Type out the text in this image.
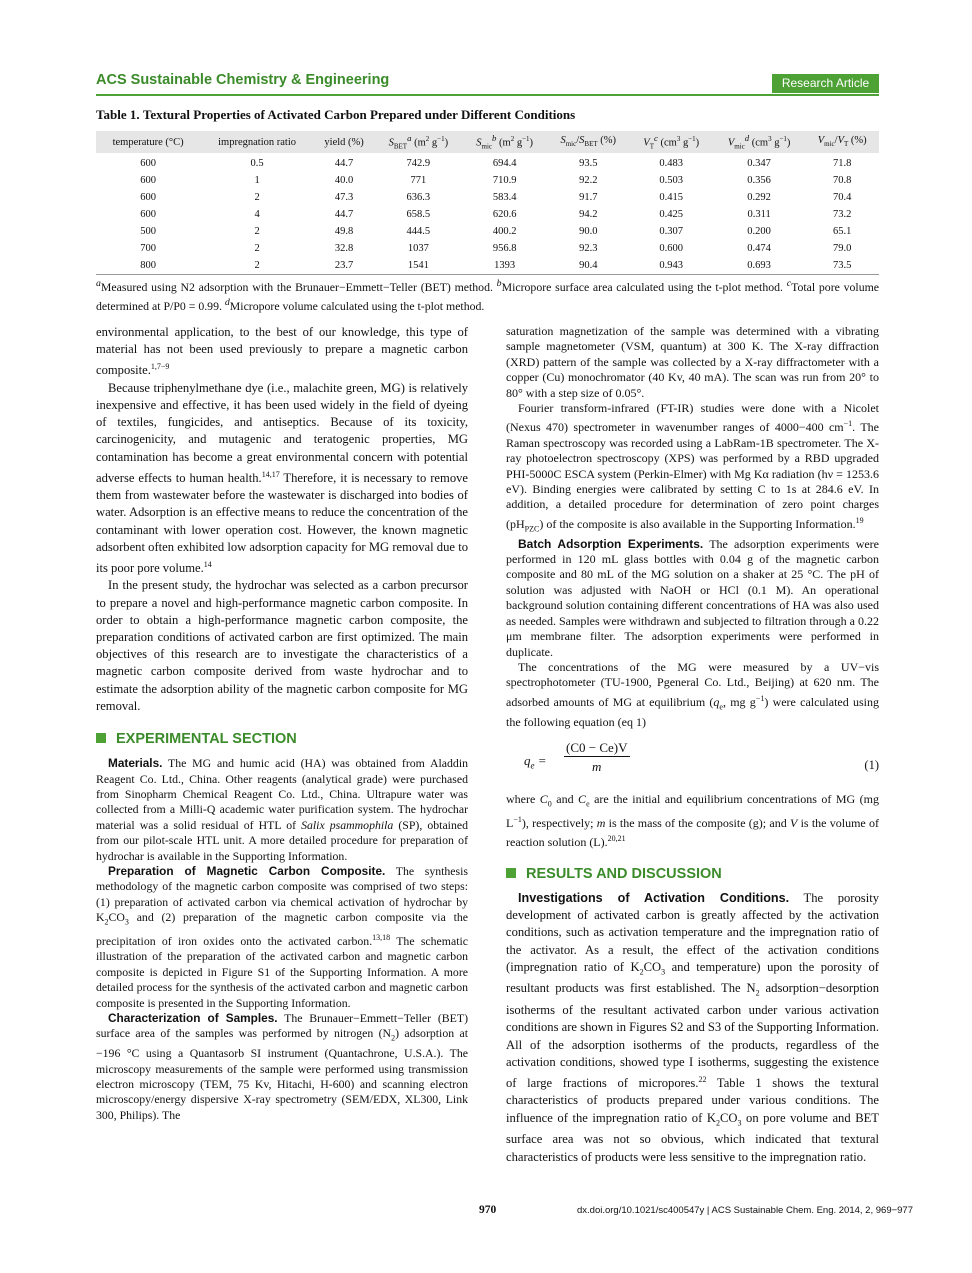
ACS Sustainable Chemistry & Engineering	Research Article
Table 1. Textural Properties of Activated Carbon Prepared under Different Conditions
temperature (°C)	impregnation ratio	yield (%)	$S_{BET}^a$ ($m^2$ $g^{-1}$)	$S_{mic}^b$ ($m^2$ $g^{-1}$)	$S_{mic}/S_{BET}$ (%)	$V_T^c$ ($cm^3$ $g^{-1}$)	$V_{mic}^d$ ($cm^3$ $g^{-1}$)	$V_{mic}/V_T$ (%)
600	0.5	44.7	742.9	694.4	93.5	0.483	0.347	71.8
600	1	40.0	771	710.9	92.2	0.503	0.356	70.8
600	2	47.3	636.3	583.4	91.7	0.415	0.292	70.4
600	4	44.7	658.5	620.6	94.2	0.425	0.311	73.2
500	2	49.8	444.5	400.2	90.0	0.307	0.200	65.1
700	2	32.8	1037	956.8	92.3	0.600	0.474	79.0
800	2	23.7	1541	1393	90.4	0.943	0.693	73.5
$^a$Measured using N2 adsorption with the Brunauer−Emmett−Teller (BET) method. $^b$Micropore surface area calculated using the t-plot method. $^c$Total pore volume determined at P/P0 = 0.99. $^d$Micropore volume calculated using the t-plot method.

environmental application, to the best of our knowledge, this type of material has not been used previously to prepare a magnetic carbon composite.$^{1,7-9}$

Because triphenylmethane dye (i.e., malachite green, MG) is relatively inexpensive and effective, it has been used widely in the field of dyeing of textiles, fungicides, and antiseptics. Because of its toxicity, carcinogenicity, and mutagenic and teratogenic properties, MG contamination has become a great environmental concern with potential adverse effects to human health.$^{14,17}$ Therefore, it is necessary to remove them from wastewater before the wastewater is discharged into bodies of water. Adsorption is an effective means to reduce the concentration of the contaminant with lower operation cost. However, the known magnetic adsorbent often exhibited low adsorption capacity for MG removal due to its poor pore volume.$^{14}$

In the present study, the hydrochar was selected as a carbon precursor to prepare a novel and high-performance magnetic carbon composite. In order to obtain a high-performance magnetic carbon composite, the preparation conditions of activated carbon are first optimized. The main objectives of this research are to investigate the characteristics of a magnetic carbon composite derived from waste hydrochar and to estimate the adsorption ability of the magnetic carbon composite for MG removal.

EXPERIMENTAL SECTION

Materials. The MG and humic acid (HA) was obtained from Aladdin Reagent Co. Ltd., China. Other reagents (analytical grade) were purchased from Sinopharm Chemical Reagent Co. Ltd., China. Ultrapure water was collected from a Milli-Q academic water purification system. The hydrochar material was a solid residual of HTL of Salix psammophila (SP), obtained from our pilot-scale HTL unit. A more detailed procedure for preparation of hydrochar is available in the Supporting Information.

Preparation of Magnetic Carbon Composite. The synthesis methodology of the magnetic carbon composite was comprised of two steps: (1) preparation of activated carbon via chemical activation of hydrochar by $K_2CO_3$ and (2) preparation of the magnetic carbon composite via the precipitation of iron oxides onto the activated carbon.$^{13,18}$ The schematic illustration of the preparation of the activated carbon and magnetic carbon composite is depicted in Figure S1 of the Supporting Information. A more detailed process for the synthesis of the activated carbon and magnetic carbon composite is presented in the Supporting Information.

Characterization of Samples. The Brunauer−Emmett−Teller (BET) surface area of the samples was performed by nitrogen $(N_2)$ adsorption at −196 °C using a Quantasorb SI instrument (Quantachrone, U.S.A.). The microscopy measurements of the sample were performed using transmission electron microscopy (TEM, 75 Kv, Hitachi, H-600) and scanning electron microscopy/energy dispersive X-ray spectrometry (SEM/EDX, XL300, Link 300, Philips). The

saturation magnetization of the sample was determined with a vibrating sample magnetometer (VSM, quantum) at 300 K. The X-ray diffraction (XRD) pattern of the sample was collected by a X-ray diffractometer with a copper (Cu) monochromator (40 Kv, 40 mA). The scan was run from 20° to 80° with a step size of 0.05°.

Fourier transform-infrared (FT-IR) studies were done with a Nicolet (Nexus 470) spectrometer in wavenumber ranges of 4000−400 $cm^{-1}$. The Raman spectroscopy was recorded using a LabRam-1B spectrometer. The X-ray photoelectron spectroscopy (XPS) was performed by a RBD upgraded PHI-5000C ESCA system (Perkin-Elmer) with Mg Kα radiation (hν = 1253.6 eV). Binding energies were calibrated by setting C to 1s at 284.6 eV. In addition, a detailed procedure for determination of zero point charges $(pH_{PZC})$ of the composite is also available in the Supporting Information.$^{19}$

Batch Adsorption Experiments. The adsorption experiments were performed in 120 mL glass bottles with 0.04 g of the magnetic carbon composite and 80 mL of the MG solution on a shaker at 25 °C. The pH of solution was adjusted with NaOH or HCl (0.1 M). An operational background solution containing different concentrations of HA was also used as needed. Samples were withdrawn and subjected to filtration through a 0.22 μm membrane filter. The adsorption experiments were performed in duplicate.

The concentrations of the MG were measured by a UV−vis spectrophotometer (TU-1900, Pgeneral Co. Ltd., Beijing) at 620 nm. The adsorbed amounts of MG at equilibrium ($q_e$, mg $g^{-1}$) were calculated using the following equation (eq 1)

$q_e = \frac{(C0 - Ce)V}{m}$	(1)

where $C_0$ and $C_e$ are the initial and equilibrium concentrations of MG (mg $L^{-1}$), respectively; m is the mass of the composite (g); and V is the volume of reaction solution (L).$^{20,21}$

RESULTS AND DISCUSSION

Investigations of Activation Conditions. The porosity development of activated carbon is greatly affected by the activation conditions, such as activation temperature and the impregnation ratio of the activator. As a result, the effect of the activation conditions (impregnation ratio of $K_2CO_3$ and temperature) upon the porosity of resultant products was first established. The $N_2$ adsorption−desorption isotherms of the resultant activated carbon under various activation conditions are shown in Figures S2 and S3 of the Supporting Information. All of the adsorption isotherms of the products, regardless of the activation conditions, showed type I isotherms, suggesting the existence of large fractions of micropores.$^{22}$ Table 1 shows the textural characteristics of products prepared under various conditions. The influence of the impregnation ratio of $K_2CO_3$ on pore volume and BET surface area was not so obvious, which indicated that textural characteristics of products were less sensitive to the impregnation ratio.

970	dx.doi.org/10.1021/sc400547y | ACS Sustainable Chem. Eng. 2014, 2, 969−977
